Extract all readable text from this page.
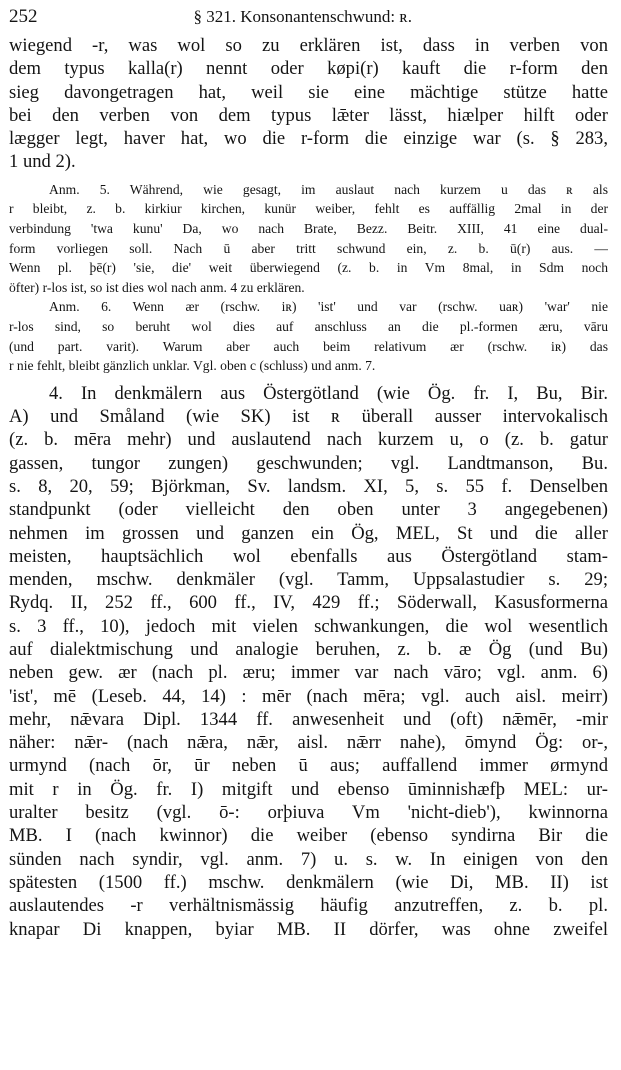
252	§ 321. Konsonantenschwund: ʀ.
wiegend -r, was wol so zu erklären ist, dass in verben von
dem typus kalla(r) nennt oder køpi(r) kauft die r-form den
sieg davongetragen hat, weil sie eine mächtige stütze hatte
bei den verben von dem typus lǣter lässt, hiælper hilft oder
lægger legt, haver hat, wo die r-form die einzige war (s. § 283,
1 und 2).
Anm. 5. Während, wie gesagt, im auslaut nach kurzem u das ʀ als
r bleibt, z. b. kirkiur kirchen, kunür weiber, fehlt es auffällig 2mal in der
verbindung 'twa kunu' Da, wo nach Brate, Bezz. Beitr. XIII, 41 eine dual-
form vorliegen soll. Nach ū aber tritt schwund ein, z. b. ū(r) aus. —
Wenn pl. þē(r) 'sie, die' weit überwiegend (z. b. in Vm 8mal, in Sdm noch
öfter) r-los ist, so ist dies wol nach anm. 4 zu erklären.
Anm. 6. Wenn ær (rschw. iʀ) 'ist' und var (rschw. uaʀ) 'war' nie
r-los sind, so beruht wol dies auf anschluss an die pl.-formen æru, vāru
(und part. varit). Warum aber auch beim relativum ær (rschw. iʀ) das
r nie fehlt, bleibt gänzlich unklar. Vgl. oben c (schluss) und anm. 7.
4. In denkmälern aus Östergötland (wie Ög. fr. I, Bu, Bir.
A) und Småland (wie SK) ist ʀ überall ausser intervokalisch
(z. b. mēra mehr) und auslautend nach kurzem u, o (z. b. gatur
gassen, tungor zungen) geschwunden; vgl. Landtmanson, Bu.
s. 8, 20, 59; Björkman, Sv. landsm. XI, 5, s. 55 f. Denselben
standpunkt (oder vielleicht den oben unter 3 angegebenen)
nehmen im grossen und ganzen ein Ög, MEL, St und die aller
meisten, hauptsächlich wol ebenfalls aus Östergötland stam-
menden, mschw. denkmäler (vgl. Tamm, Uppsalastudier s. 29;
Rydq. II, 252 ff., 600 ff., IV, 429 ff.; Söderwall, Kasusformerna
s. 3 ff., 10), jedoch mit vielen schwankungen, die wol wesentlich
auf dialektmischung und analogie beruhen, z. b. æ Ög (und Bu)
neben gew. ær (nach pl. æru; immer var nach vāro; vgl. anm. 6)
'ist', mē (Leseb. 44, 14) : mēr (nach mēra; vgl. auch aisl. meirr)
mehr, nǣvara Dipl. 1344 ff. anwesenheit und (oft) nǣmēr, -mir
näher: nǣr- (nach nǣra, nǣr, aisl. nǣrr nahe), ōmynd Ög: or-,
urmynd (nach ōr, ūr neben ū aus; auffallend immer ørmynd
mit r in Ög. fr. I) mitgift und ebenso ūminnishæfþ MEL: ur-
uralter besitz (vgl. ō-: orþiuva Vm 'nicht-dieb'), kwinnorna
MB. I (nach kwinnor) die weiber (ebenso syndirna Bir die
sünden nach syndir, vgl. anm. 7) u. s. w. In einigen von den
spätesten (1500 ff.) mschw. denkmälern (wie Di, MB. II) ist
auslautendes -r verhältnismässig häufig anzutreffen, z. b. pl.
knapar Di knappen, byiar MB. II dörfer, was ohne zweifel
